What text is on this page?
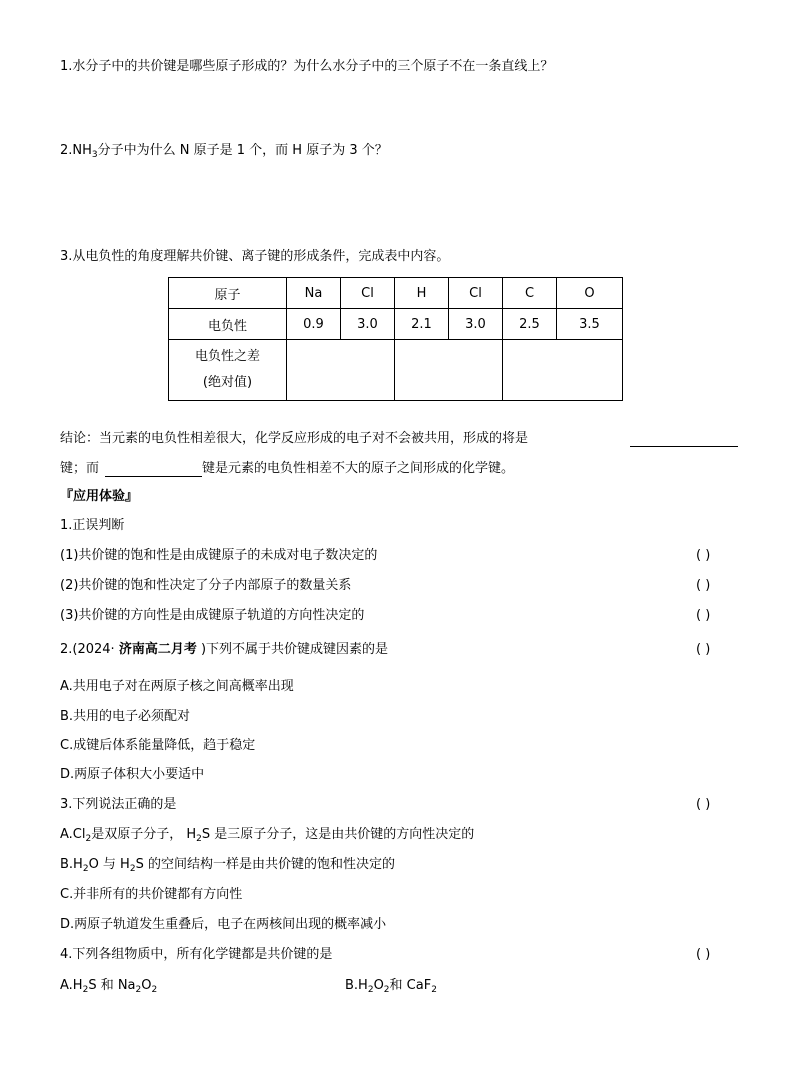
1.水分子中的共价键是哪些原子形成的？为什么水分子中的三个原子不在一条直线上？
$2.NH_3$分子中为什么 N 原子是 1 个，而 H 原子为 3 个？
3.从电负性的角度理解共价键、离子键的形成条件，完成表中内容。
原子	Na	Cl	H	Cl	C	O
电负性	0.9	3.0	2.1	3.0	2.5	3.5

电负性之差
(绝对值)						

结论：当元素的电负性相差很大，化学反应形成的电子对不会被共用，形成的将是
键；而	键是元素的电负性相差不大的原子之间形成的化学键。
『应用体验』
1.正误判断
(1)共价键的饱和性是由成键原子的未成对电子数决定的	( )
(2)共价键的饱和性决定了分子内部原子的数量关系	( )
(3)共价键的方向性是由成键原子轨道的方向性决定的	( )
2.(2024· 济南高二月考 )下列不属于共价键成键因素的是	( )
A.共用电子对在两原子核之间高概率出现
B.共用的电子必须配对
C.成键后体系能量降低，趋于稳定
D.两原子体积大小要适中
3.下列说法正确的是	( )
$A.Cl_2$是双原子分子， $H_2S$ 是三原子分子，这是由共价键的方向性决定的
$B.H_2O$ 与 $H_2S$ 的空间结构一样是由共价键的饱和性决定的
C.并非所有的共价键都有方向性
D.两原子轨道发生重叠后，电子在两核间出现的概率减小
4.下列各组物质中，所有化学键都是共价键的是	( )
$A.H_2S$ 和 $Na_2O_2$	$B.H_2O_2$和 CaF$_2$
